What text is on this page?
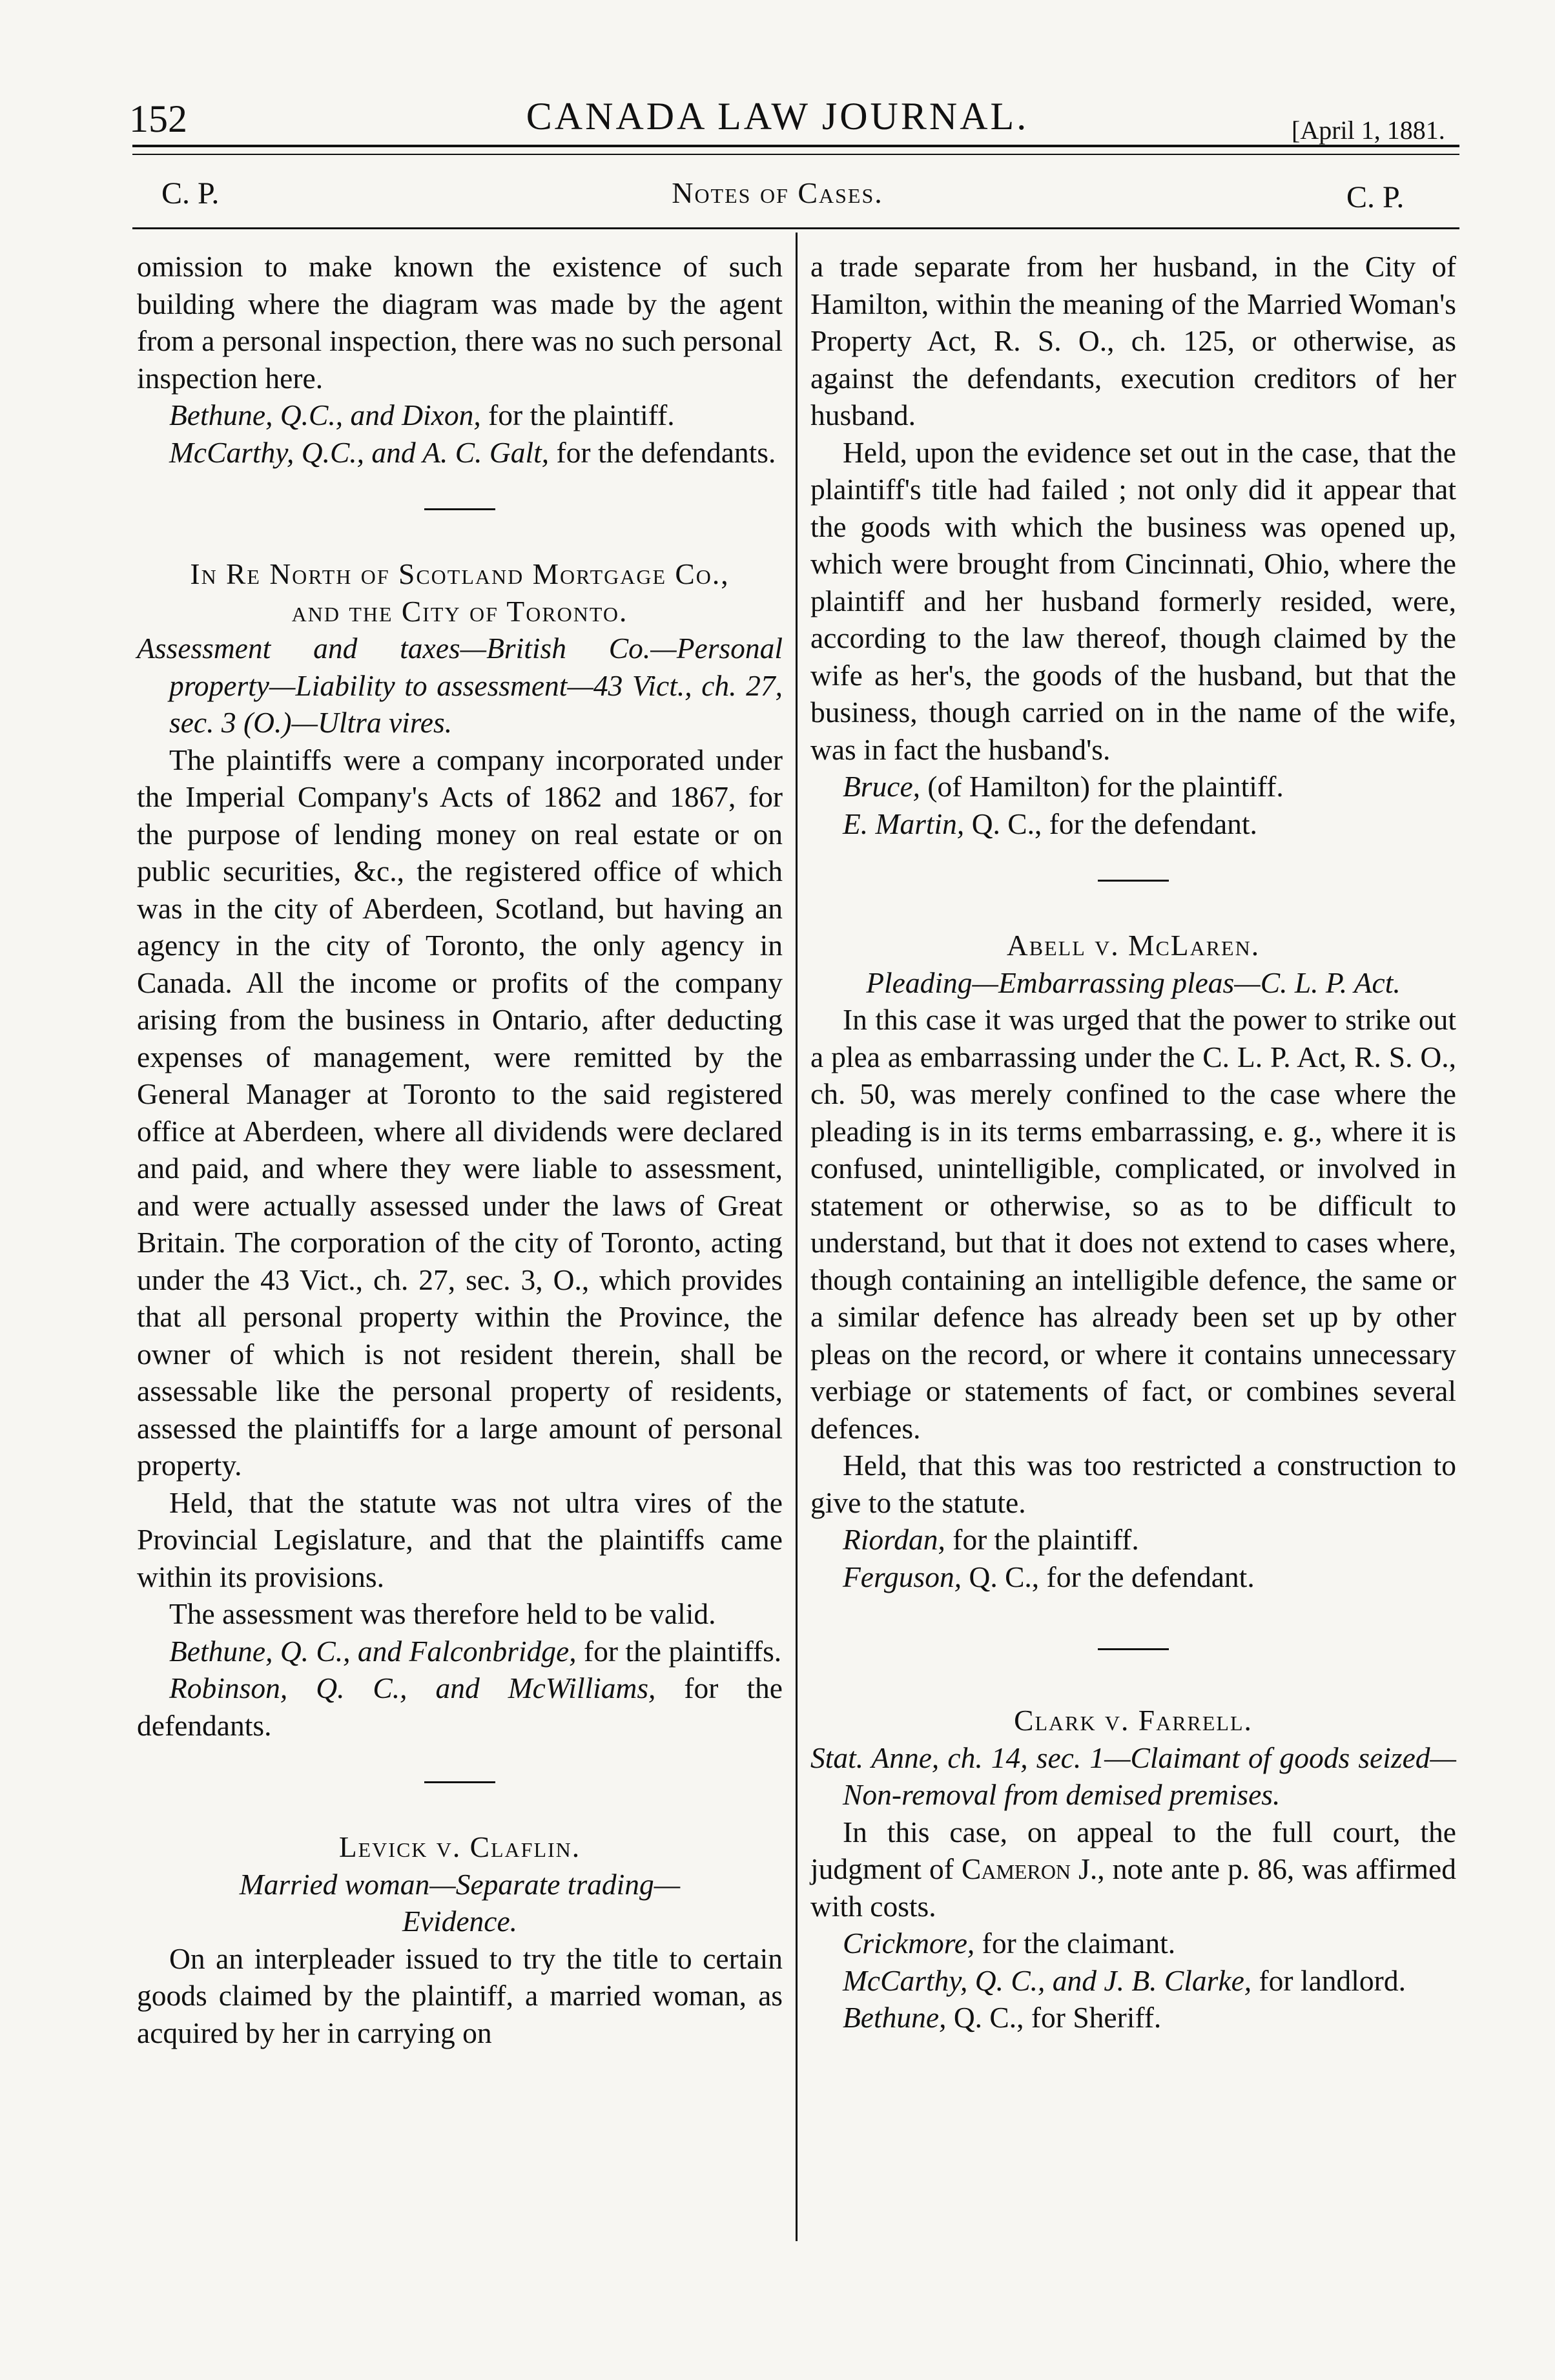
152	CANADA LAW JOURNAL.	[April 1, 1881.
C. P.	Notes of Cases.	C. P.

omission to make known the existence of such building where the diagram was made by the agent from a personal inspection, there was no such personal inspection here.

Bethune, Q.C., and Dixon, for the plaintiff.

McCarthy, Q.C., and A. C. Galt, for the defendants.

In Re North of Scotland Mortgage Co.,

and the City of Toronto.

Assessment and taxes—British Co.—Personal property—Liability to assessment—43 Vict., ch. 27, sec. 3 (O.)—Ultra vires.

The plaintiffs were a company incorporated under the Imperial Company's Acts of 1862 and 1867, for the purpose of lending money on real estate or on public securities, &c., the registered office of which was in the city of Aberdeen, Scotland, but having an agency in the city of Toronto, the only agency in Canada. All the income or profits of the company arising from the business in Ontario, after deducting expenses of management, were remitted by the General Manager at Toronto to the said registered office at Aberdeen, where all dividends were declared and paid, and where they were liable to assessment, and were actually assessed under the laws of Great Britain. The corporation of the city of Toronto, acting under the 43 Vict., ch. 27, sec. 3, O., which provides that all personal property within the Province, the owner of which is not resident therein, shall be assessable like the personal property of residents, assessed the plaintiffs for a large amount of personal property.

Held, that the statute was not ultra vires of the Provincial Legislature, and that the plaintiffs came within its provisions.

The assessment was therefore held to be valid.

Bethune, Q. C., and Falconbridge, for the plaintiffs.

Robinson, Q. C., and McWilliams, for the defendants.

Levick v. Claflin.

Married woman—Separate trading—

Evidence.

On an interpleader issued to try the title to certain goods claimed by the plaintiff, a married woman, as acquired by her in carrying on

a trade separate from her husband, in the City of Hamilton, within the meaning of the Married Woman's Property Act, R. S. O., ch. 125, or otherwise, as against the defendants, execution creditors of her husband.

Held, upon the evidence set out in the case, that the plaintiff's title had failed ; not only did it appear that the goods with which the business was opened up, which were brought from Cincinnati, Ohio, where the plaintiff and her husband formerly resided, were, according to the law thereof, though claimed by the wife as her's, the goods of the husband, but that the business, though carried on in the name of the wife, was in fact the husband's.

Bruce, (of Hamilton) for the plaintiff.

E. Martin, Q. C., for the defendant.

Abell v. McLaren.

Pleading—Embarrassing pleas—C. L. P. Act.

In this case it was urged that the power to strike out a plea as embarrassing under the C. L. P. Act, R. S. O., ch. 50, was merely confined to the case where the pleading is in its terms embarrassing, e. g., where it is confused, unintelligible, complicated, or involved in statement or otherwise, so as to be difficult to understand, but that it does not extend to cases where, though containing an intelligible defence, the same or a similar defence has already been set up by other pleas on the record, or where it contains unnecessary verbiage or statements of fact, or combines several defences.

Held, that this was too restricted a construction to give to the statute.

Riordan, for the plaintiff.

Ferguson, Q. C., for the defendant.

Clark v. Farrell.

Stat. Anne, ch. 14, sec. 1—Claimant of goods seized—Non-removal from demised premises.

In this case, on appeal to the full court, the judgment of Cameron J., note ante p. 86, was affirmed with costs.

Crickmore, for the claimant.

McCarthy, Q. C., and J. B. Clarke, for landlord.

Bethune, Q. C., for Sheriff.
